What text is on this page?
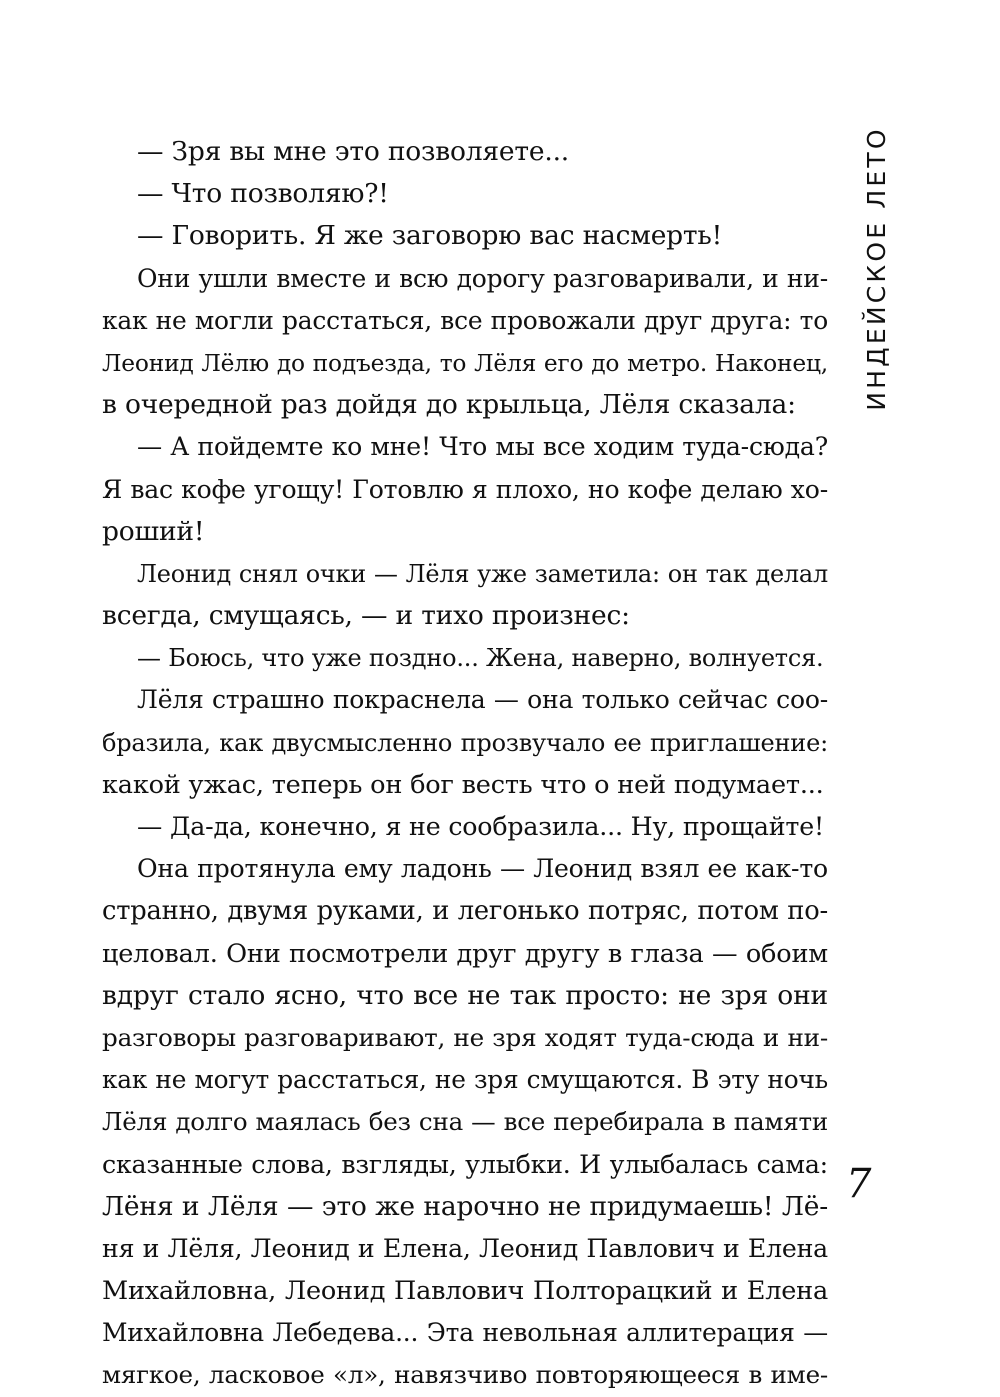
— Зря вы мне это позволяете...
— Что позволяю?!
— Говорить. Я же заговорю вас насмерть!
Они ушли вместе и всю дорогу разговаривали, и ни-
как не могли расстаться, все провожали друг друга: то
Леонид Лёлю до подъезда, то Лёля его до метро. Наконец,
в очередной раз дойдя до крыльца, Лёля сказала:
— А пойдемте ко мне! Что мы все ходим туда-сюда?
Я вас кофе угощу! Готовлю я плохо, но кофе делаю хо-
роший!
Леонид снял очки — Лёля уже заметила: он так делал
всегда, смущаясь, — и тихо произнес:
— Боюсь, что уже поздно... Жена, наверно, волнуется.
Лёля страшно покраснела — она только сейчас соо-
бразила, как двусмысленно прозвучало ее приглашение:
какой ужас, теперь он бог весть что о ней подумает...
— Да-да, конечно, я не сообразила... Ну, прощайте!
Она протянула ему ладонь — Леонид взял ее как-то
странно, двумя руками, и легонько потряс, потом по-
целовал. Они посмотрели друг другу в глаза — обоим
вдруг стало ясно, что все не так просто: не зря они
разговоры разговаривают, не зря ходят туда-сюда и ни-
как не могут расстаться, не зря смущаются. В эту ночь
Лёля долго маялась без сна — все перебирала в памяти
сказанные слова, взгляды, улыбки. И улыбалась сама:
Лёня и Лёля — это же нарочно не придумаешь! Лё-
ня и Лёля, Леонид и Елена, Леонид Павлович и Елена
Михайловна, Леонид Павлович Полторацкий и Елена
Михайловна Лебедева... Эта невольная аллитерация —
мягкое, ласковое «л», навязчиво повторяющееся в име-
ИНДЕЙСКОЕ ЛЕТО
7
